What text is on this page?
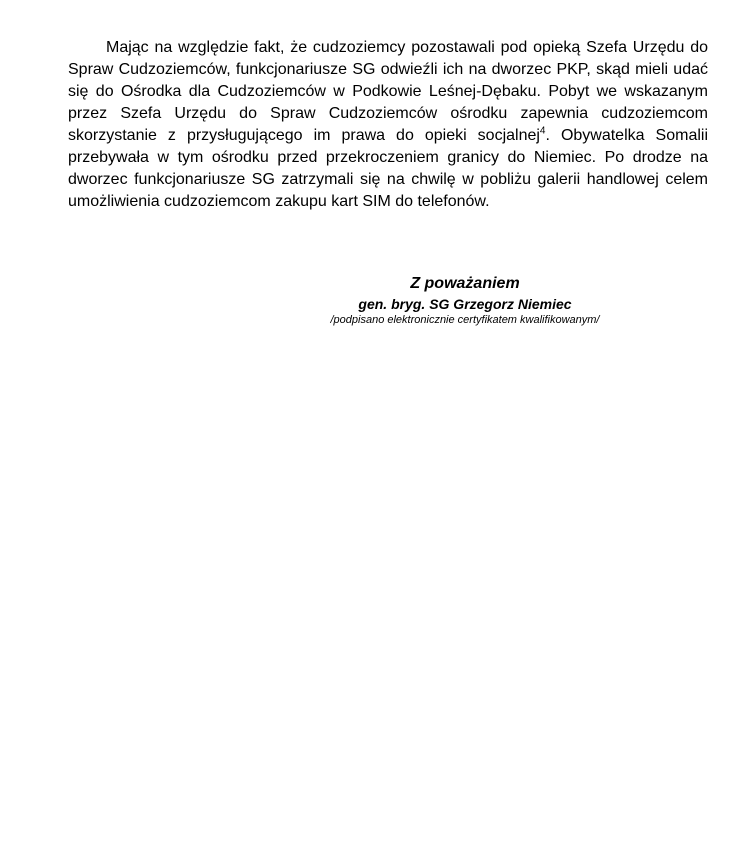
Mając na względzie fakt, że cudzoziemcy pozostawali pod opieką Szefa Urzędu do Spraw Cudzoziemców, funkcjonariusze SG odwieźli ich na dworzec PKP, skąd mieli udać się do Ośrodka dla Cudzoziemców w Podkowie Leśnej-Dębaku. Pobyt we wskazanym przez Szefa Urzędu do Spraw Cudzoziemców ośrodku zapewnia cudzoziemcom skorzystanie z przysługującego im prawa do opieki socjalnej$^4$. Obywatelka Somalii przebywała w tym ośrodku przed przekroczeniem granicy do Niemiec. Po drodze na dworzec funkcjonariusze SG zatrzymali się na chwilę w pobliżu galerii handlowej celem umożliwienia cudzoziemcom zakupu kart SIM do telefonów.

Z poważaniem

gen. bryg. SG Grzegorz Niemiec

/podpisano elektronicznie certyfikatem kwalifikowanym/
